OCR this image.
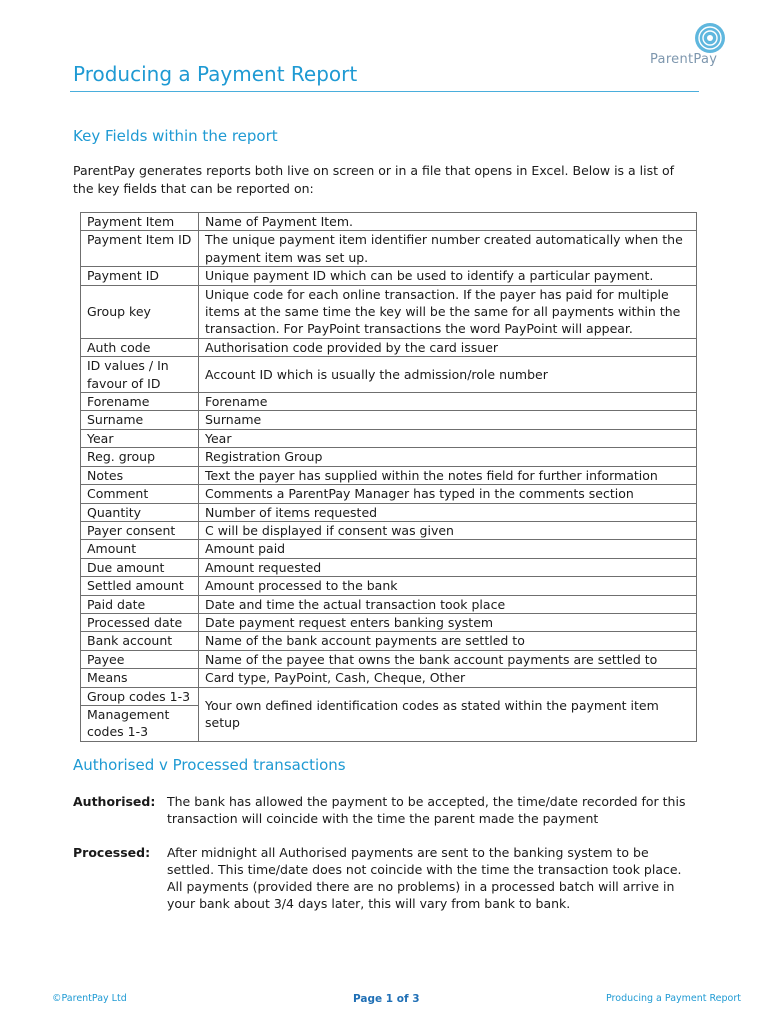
ParentPay
Producing a Payment Report
Key Fields within the report
ParentPay generates reports both live on screen or in a file that opens in Excel. Below is a list of the key fields that can be reported on:
Payment Item	Name of Payment Item.
Payment Item ID	The unique payment item identifier number created automatically when the payment item was set up.
Payment ID	Unique payment ID which can be used to identify a particular payment.
Group key	Unique code for each online transaction. If the payer has paid for multiple items at the same time the key will be the same for all payments within the transaction. For PayPoint transactions the word PayPoint will appear.
Auth code	Authorisation code provided by the card issuer
ID values / In favour of ID	Account ID which is usually the admission/role number
Forename	Forename
Surname	Surname
Year	Year
Reg. group	Registration Group
Notes	Text the payer has supplied within the notes field for further information
Comment	Comments a ParentPay Manager has typed in the comments section
Quantity	Number of items requested
Payer consent	C will be displayed if consent was given
Amount	Amount paid
Due amount	Amount requested
Settled amount	Amount processed to the bank
Paid date	Date and time the actual transaction took place
Processed date	Date payment request enters banking system
Bank account	Name of the bank account payments are settled to
Payee	Name of the payee that owns the bank account payments are settled to
Means	Card type, PayPoint, Cash, Cheque, Other
Group codes 1-3	Your own defined identification codes as stated within the payment item setup
Management codes 1-3	
Authorised v Processed transactions
Authorised: The bank has allowed the payment to be accepted, the time/date recorded for this transaction will coincide with the time the parent made the payment
Processed: After midnight all Authorised payments are sent to the banking system to be settled. This time/date does not coincide with the time the transaction took place. All payments (provided there are no problems) in a processed batch will arrive in your bank about 3/4 days later, this will vary from bank to bank.
©ParentPay Ltd	Page 1 of 3	Producing a Payment Report
